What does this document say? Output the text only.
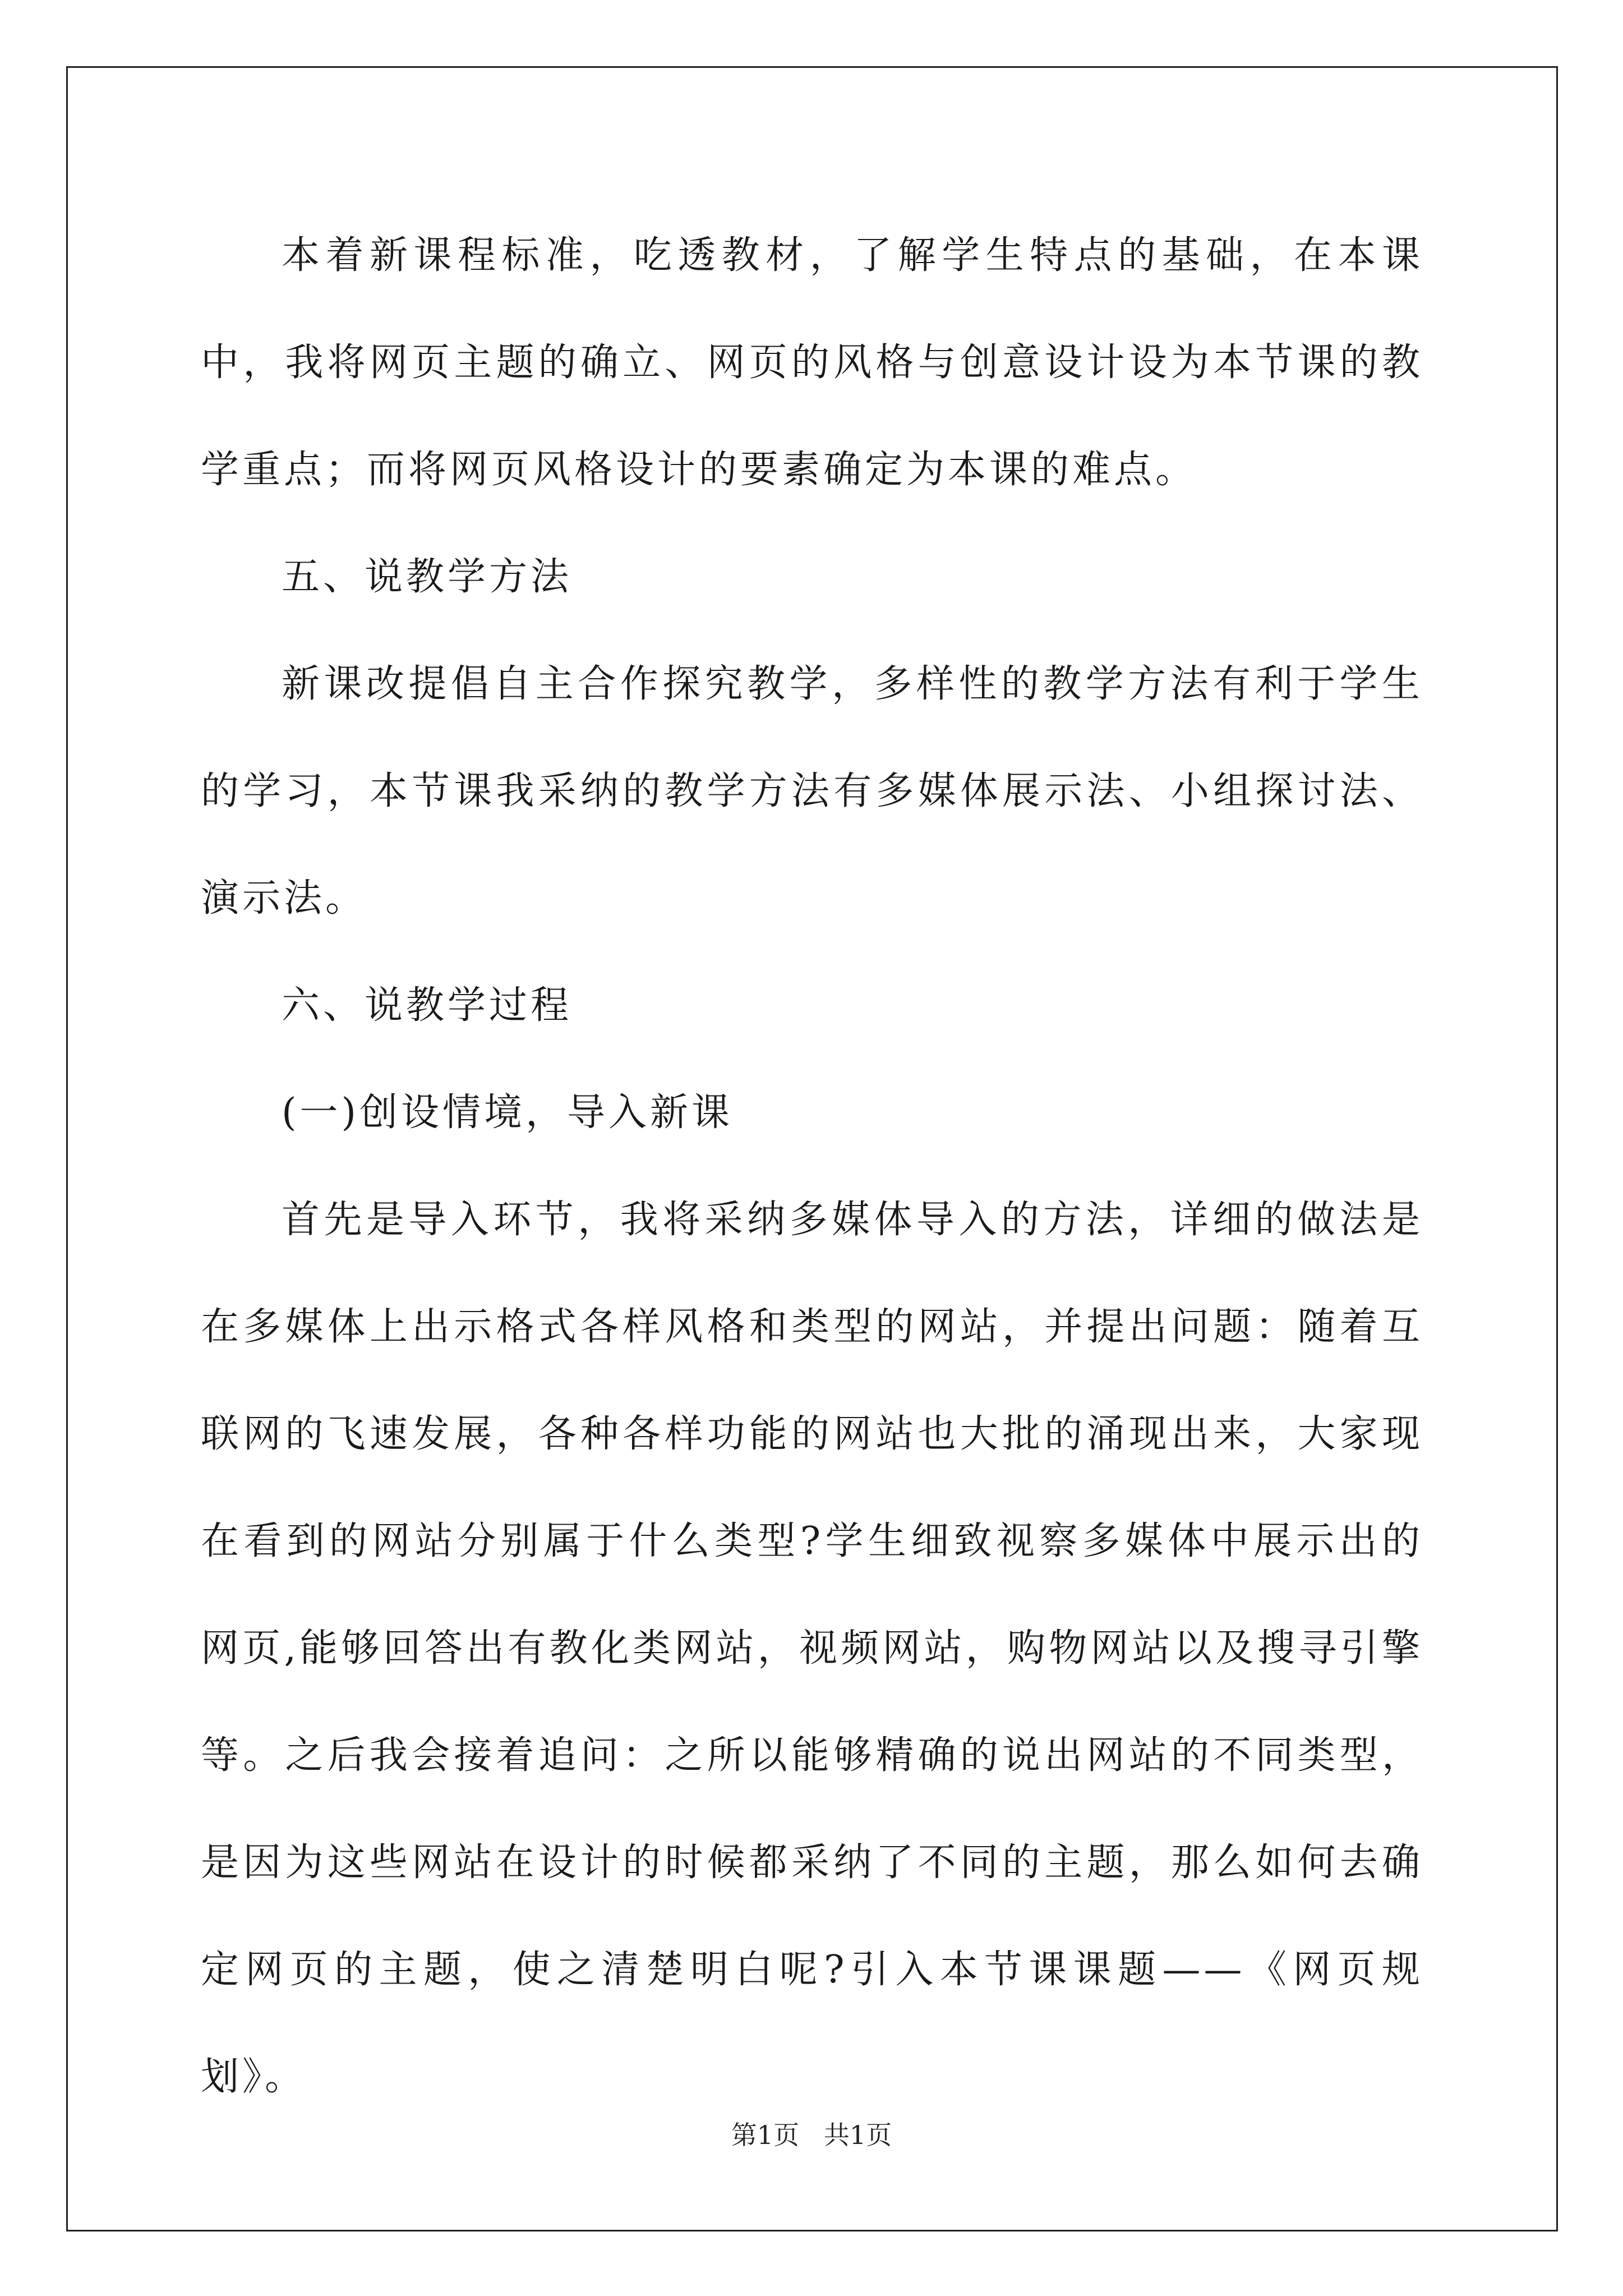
本着新课程标准，吃透教材，了解学生特点的基础，在本课中，我将网页主题的确立、网页的风格与创意设计设为本节课的教学重点；而将网页风格设计的要素确定为本课的难点。

五、说教学方法

新课改提倡自主合作探究教学，多样性的教学方法有利于学生的学习，本节课我采纳的教学方法有多媒体展示法、小组探讨法、演示法。

六、说教学过程

(一)创设情境，导入新课

首先是导入环节，我将采纳多媒体导入的方法，详细的做法是在多媒体上出示格式各样风格和类型的网站，并提出问题：随着互联网的飞速发展，各种各样功能的网站也大批的涌现出来，大家现在看到的网站分别属于什么类型?学生细致视察多媒体中展示出的网页,能够回答出有教化类网站，视频网站，购物网站以及搜寻引擎等。之后我会接着追问：之所以能够精确的说出网站的不同类型，是因为这些网站在设计的时候都采纳了不同的主题，那么如何去确定网页的主题，使之清楚明白呢?引入本节课课题——《网页规划》。

第1页   共1页
